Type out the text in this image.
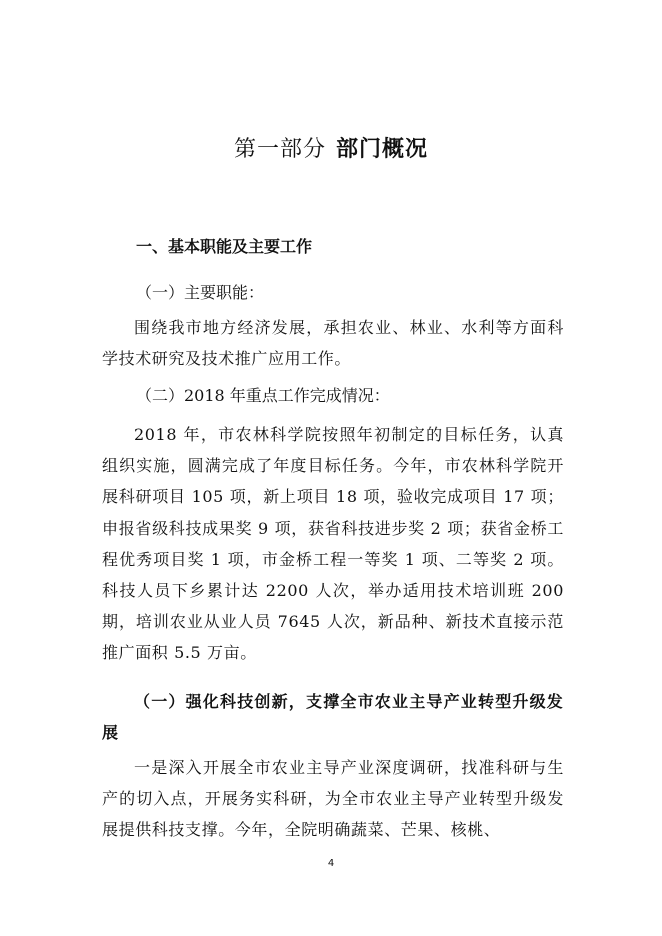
第一部分 部门概况
一、基本职能及主要工作
（一）主要职能：

围绕我市地方经济发展，承担农业、林业、水利等方面科学技术研究及技术推广应用工作。

（二）2018 年重点工作完成情况：

2018 年，市农林科学院按照年初制定的目标任务，认真组织实施，圆满完成了年度目标任务。今年，市农林科学院开展科研项目 105 项，新上项目 18 项，验收完成项目 17 项；申报省级科技成果奖 9 项，获省科技进步奖 2 项；获省金桥工程优秀项目奖 1 项，市金桥工程一等奖 1 项、二等奖 2 项。科技人员下乡累计达 2200 人次，举办适用技术培训班 200 期，培训农业从业人员 7645 人次，新品种、新技术直接示范推广面积 5.5 万亩。

（一）强化科技创新，支撑全市农业主导产业转型升级发展

一是深入开展全市农业主导产业深度调研，找准科研与生产的切入点，开展务实科研，为全市农业主导产业转型升级发展提供科技支撑。今年，全院明确蔬菜、芒果、核桃、

4
